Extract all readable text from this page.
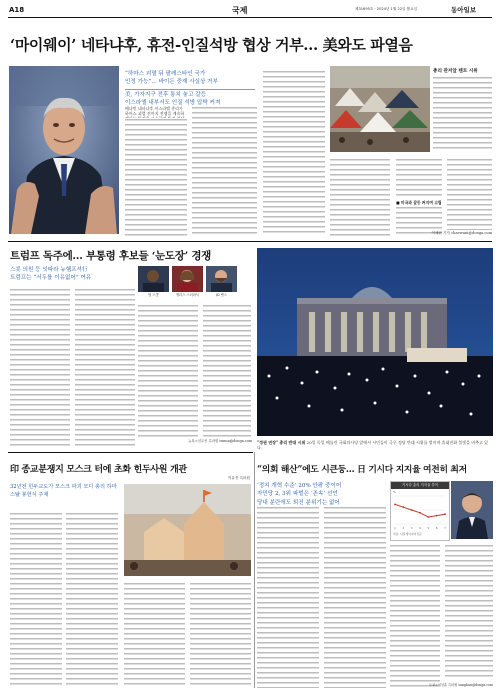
A18	국제	제31695호 · 2024년 1월 22일 월요일	동아일보
‘마이웨이’ 네타냐후, 휴전-인질석방 협상 거부… 美와도 파열음
“하마스 괴멸 뒤 팔레스타인 국가
인정 가능”… 바이든 중재 사실상 거부
美, 가자지구 전후 통치 놓고 갈등
이스라엘 내부서도 인질 석방 압박 커져
베냐민 네타냐후 이스라엘 총리가 하마스 괴멸 전까지 전쟁을 계속하
총리 관저앞 텐트 시위
■ 미국과 갈등 커지며 고립
이채완 기자 chaewani@donga.com
트럼프 독주에… 부통령 후보들 ‘눈도장’ 경쟁
스콧 의원 등 잇따라 뉴햄프셔行
트럼프는 “서두를 이유없어” 여유
팀 스콧	엘리스 스터파닉	JD 밴스
뉴욕=임우선 특파원 imsun@donga.com "정권 연장" 총리 반대 시위 20일 독일 베를린 국회의사당 앞에서 시민들이 극우 정당 반대 시위를 벌이며 휴대전화 불빛을 비추고 있다.
“의회 해산”에도 시큰둥… 日 기시다 지지율 여전히 최저
印 종교분쟁지 모스크 터에 초화 힌두사원 개관
이유종 특파원
32년전 힌두교도가 모스크 파괴 모디 총리 하마스탈 봉헌식 주재
‘정치 개혁 수준’ 20% 안팎 중이어
자민당 2, 3위 파벌은 ‘존속’ 선언
당내 분란에도 퇴진 분위기는 없어
기시다 총리 지지율 추이
%
1	2	3	4	5	6	7
자료: 니혼게이자이신문
도쿄=이상훈 특파원 sanghun@donga.com
